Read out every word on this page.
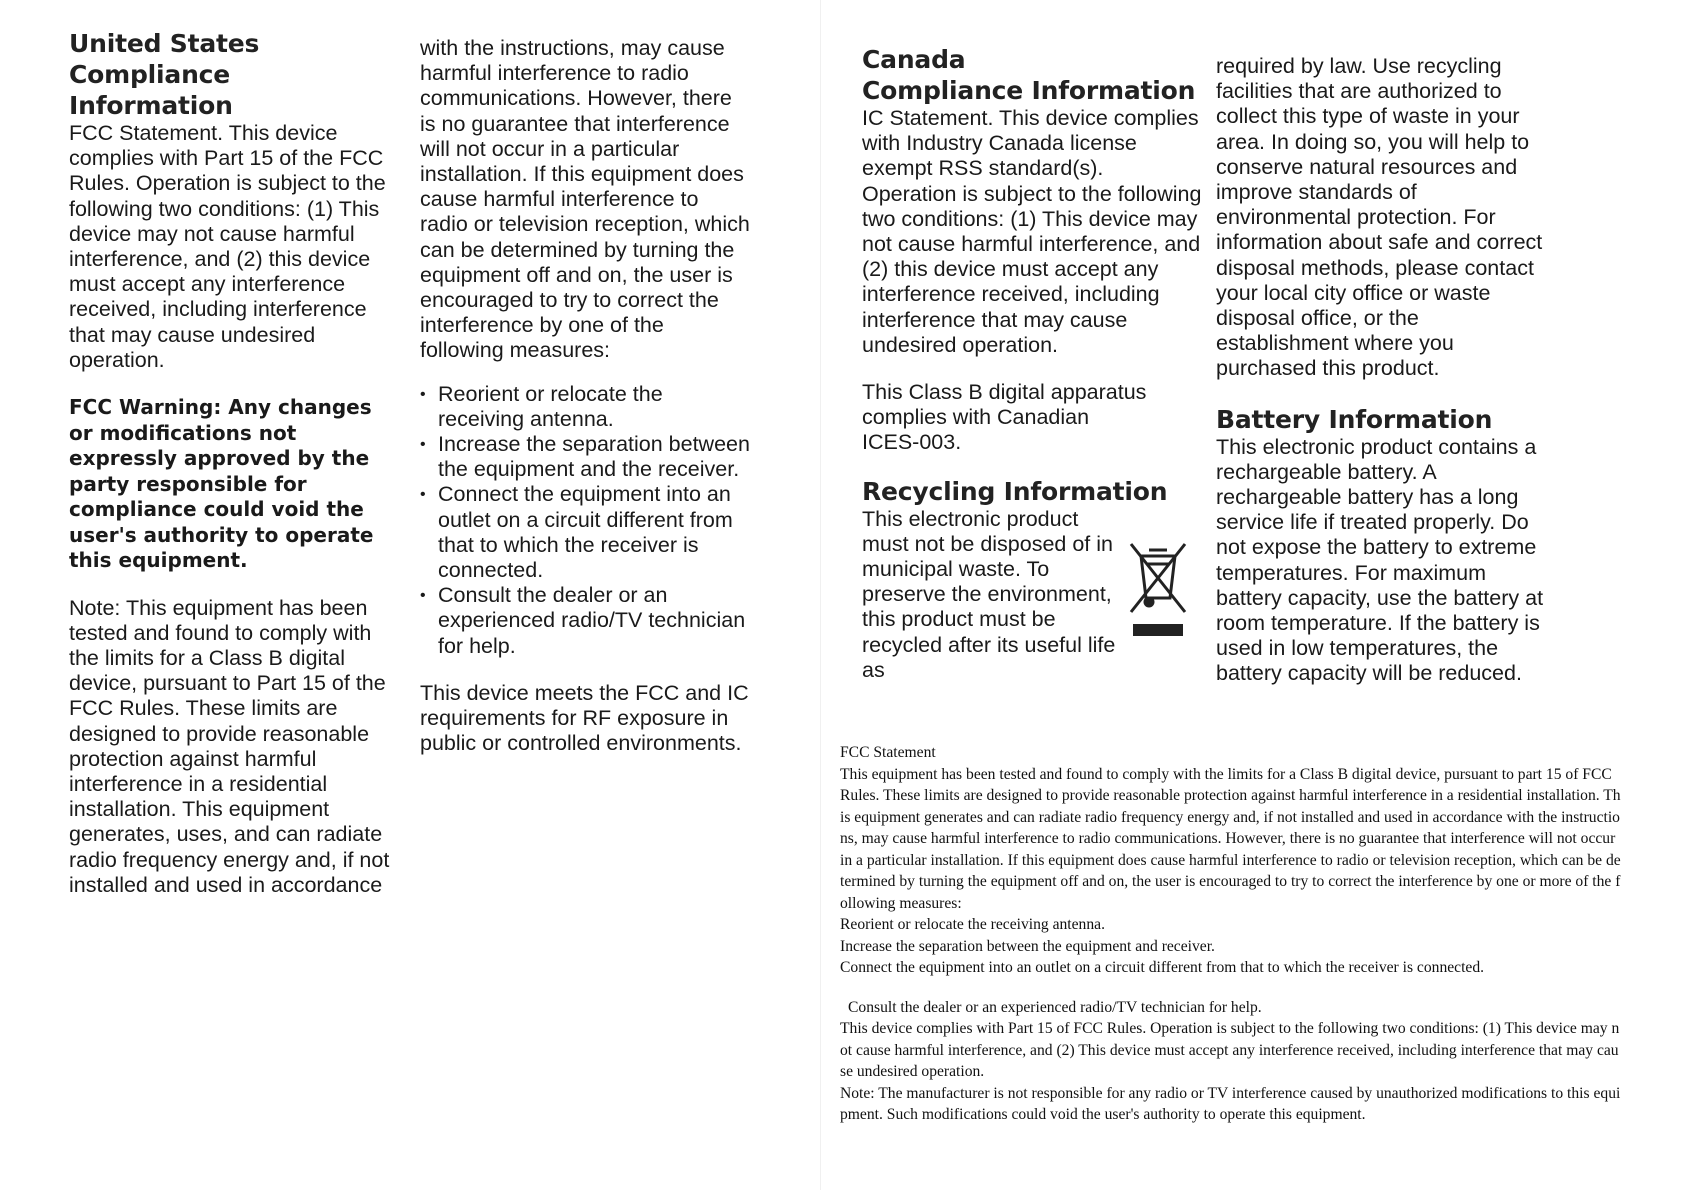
United States
Compliance Information

FCC Statement. This device complies with Part 15 of the FCC Rules. Operation is subject to the following two conditions: (1) This device may not cause harmful interference, and (2) this device must accept any interference received, including interference that may cause undesired operation.

FCC Warning: Any changes or modifications not expressly approved by the party responsible for compliance could void the user's authority to operate this equipment.

Note: This equipment has been tested and found to comply with the limits for a Class B digital device, pursuant to Part 15 of the FCC Rules. These limits are designed to provide reasonable protection against harmful interference in a residential installation. This equipment generates, uses, and can radiate radio frequency energy and, if not installed and used in accordance

with the instructions, may cause harmful interference to radio communications. However, there is no guarantee that interference will not occur in a particular installation. If this equipment does cause harmful interference to radio or television reception, which can be determined by turning the equipment off and on, the user is encouraged to try to correct the interference by one of the following measures:

• Reorient or relocate the receiving antenna.
• Increase the separation between the equipment and the receiver.
• Connect the equipment into an outlet on a circuit different from that to which the receiver is connected.
• Consult the dealer or an experienced radio/TV technician for help.

This device meets the FCC and IC requirements for RF exposure in public or controlled environments.

Canada
Compliance Information

IC Statement. This device complies with Industry Canada license exempt RSS standard(s). Operation is subject to the following two conditions: (1) This device may not cause harmful interference, and (2) this device must accept any interference received, including interference that may cause undesired operation.

This Class B digital apparatus complies with Canadian ICES-003.

Recycling Information

This electronic product must not be disposed of in municipal waste. To preserve the environment, this product must be recycled after its useful life as

required by law. Use recycling facilities that are authorized to collect this type of waste in your area. In doing so, you will help to conserve natural resources and improve standards of environmental protection. For information about safe and correct disposal methods, please contact your local city office or waste disposal office, or the establishment where you purchased this product.

Battery Information

This electronic product contains a rechargeable battery. A rechargeable battery has a long service life if treated properly. Do not expose the battery to extreme temperatures. For maximum battery capacity, use the battery at room temperature. If the battery is used in low temperatures, the battery capacity will be reduced.

FCC Statement

This equipment has been tested and found to comply with the limits for a Class B digital device, pursuant to part 15 of FCC Rules. These limits are designed to provide reasonable protection against harmful interference in a residential installation. This equipment generates and can radiate radio frequency energy and, if not installed and used in accordance with the instructions, may cause harmful interference to radio communications. However, there is no guarantee that interference will not occur in a particular installation. If this equipment does cause harmful interference to radio or television reception, which can be determined by turning the equipment off and on, the user is encouraged to try to correct the interference by one or more of the following measures:

Reorient or relocate the receiving antenna.

Increase the separation between the equipment and receiver.

Connect the equipment into an outlet on a circuit different from that to which the receiver is connected.

Consult the dealer or an experienced radio/TV technician for help.

This device complies with Part 15 of FCC Rules. Operation is subject to the following two conditions: (1) This device may not cause harmful interference, and (2) This device must accept any interference received, including interference that may cause undesired operation.

Note: The manufacturer is not responsible for any radio or TV interference caused by unauthorized modifications to this equipment. Such modifications could void the user's authority to operate this equipment.
